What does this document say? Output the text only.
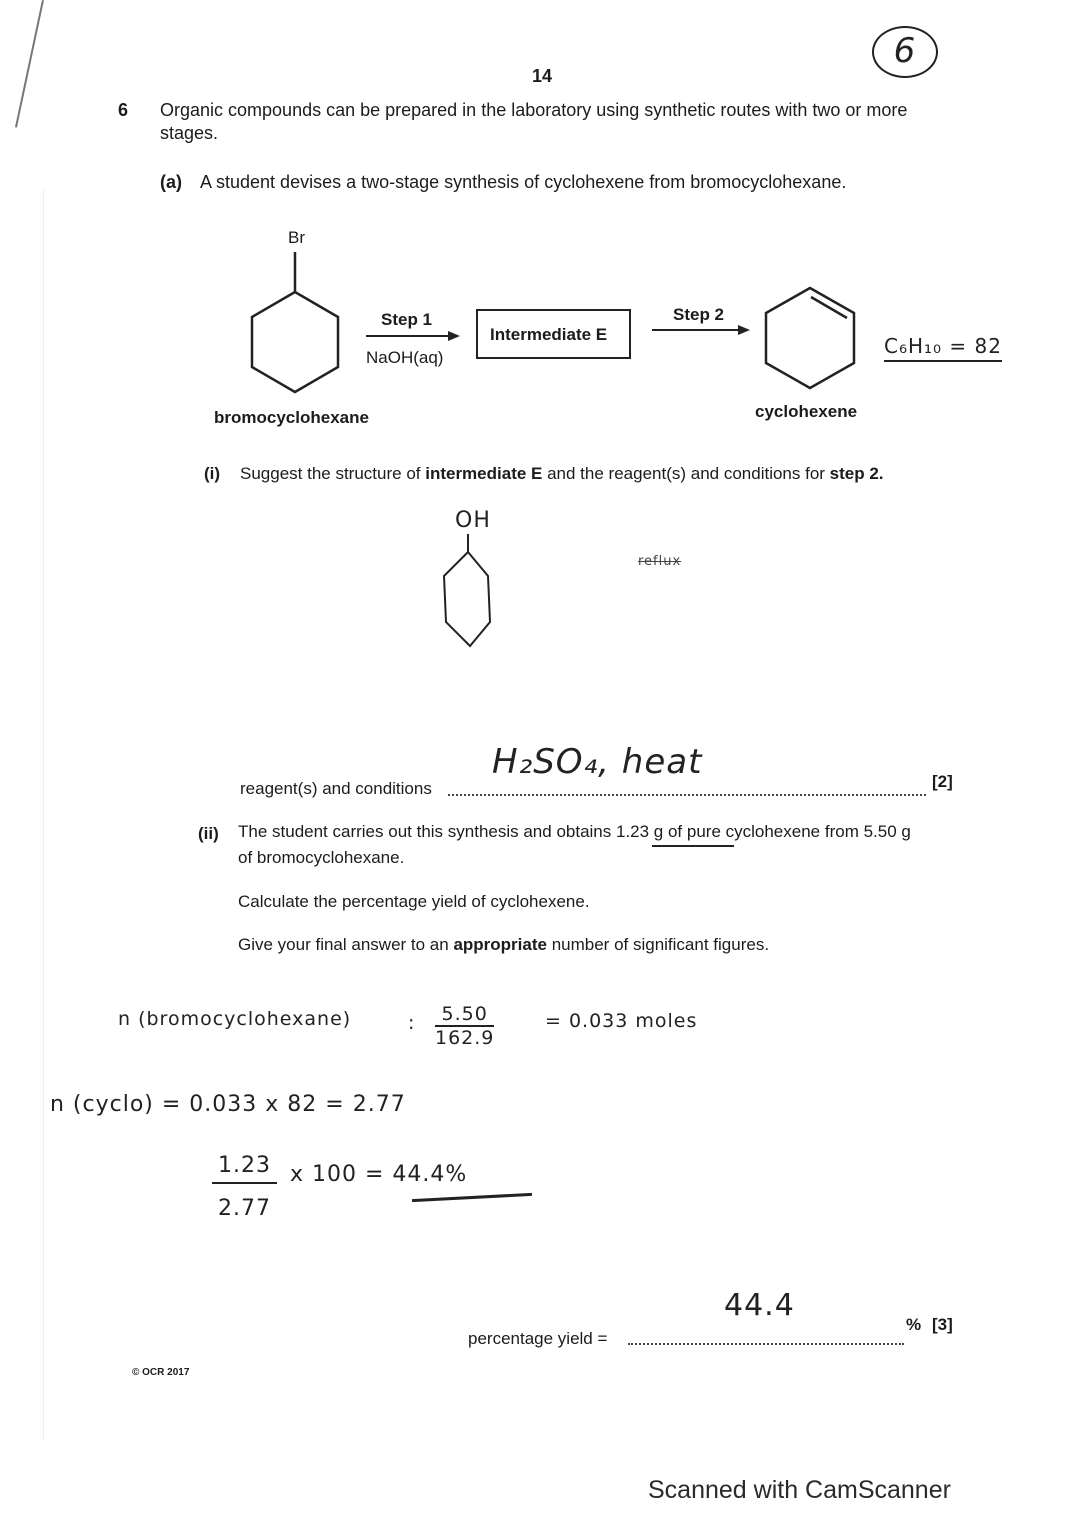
14
6
6 Organic compounds can be prepared in the laboratory using synthetic routes with two or more
stages.
(a) A student devises a two-stage synthesis of cyclohexene from bromocyclohexane.
Br
Step 1
NaOH(aq)
Intermediate E
Step 2
bromocyclohexane	cyclohexene
C₆H₁₀ = 82
(i) Suggest the structure of intermediate E and the reagent(s) and conditions for step 2.
OH
reflux
reagent(s) and conditions
H₂SO₄, heat	[2]
(ii) The student carries out this synthesis and obtains 1.23 g of pure cyclohexene from 5.50 g
of bromocyclohexane.
Calculate the percentage yield of cyclohexene.
Give your final answer to an appropriate number of significant figures.
n (bromocyclohexane)	: $\frac{5.50}{162.9}$	= 0.033 moles
n (cyclo) = 0.033 x 82 = 2.77
$\frac{1.23}{2.77}$ x 100 = 44.4%
percentage yield =
44.4
% [3]
© OCR 2017
Scanned with CamScanner
